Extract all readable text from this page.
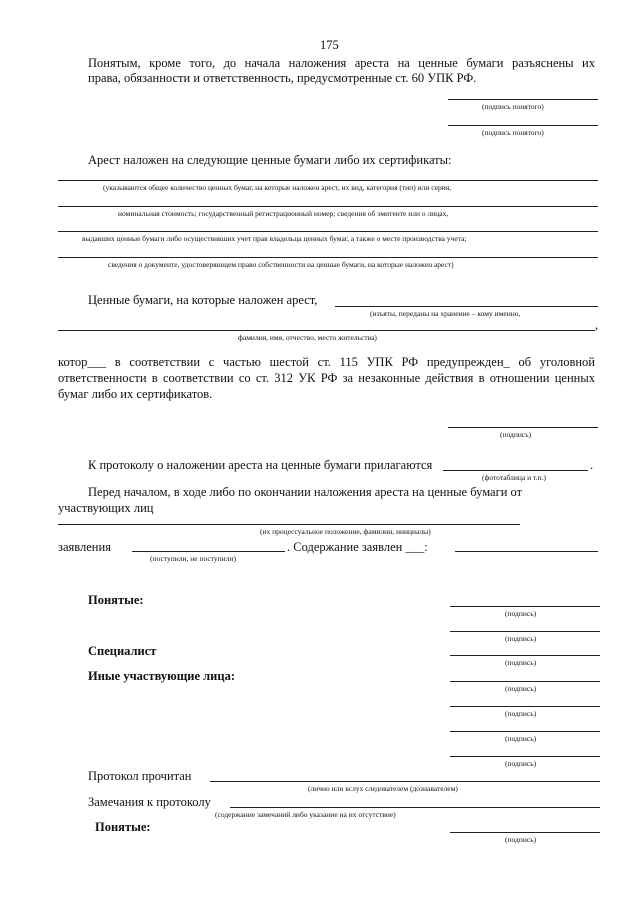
175
Понятым, кроме того, до начала наложения ареста на ценные бумаги разъяснены их
права, обязанности и ответственность, предусмотренные ст. 60 УПК РФ.
(подпись понятого)
(подпись понятого)
Арест наложен на следующие ценные бумаги либо их сертификаты:
(указываются общее количество ценных бумаг, на которые наложен арест, их вид, категория (тип) или серия,
номинальная стоимость; государственный регистрационный номер; сведения об эмитенте или о лицах,
выдавших ценные бумаги либо осуществивших учет прав владельца ценных бумаг, а также о месте производства учета;
сведения о документе, удостоверяющем право собственности на ценные бумаги, на которые наложен арест)
Ценные бумаги, на которые наложен арест,
(изъяты, переданы на хранение – кому именно,
,
фамилия, имя, отчество, место жительства)
котор___ в соответствии с частью шестой ст. 115 УПК РФ предупрежден_ об уголовной
ответственности в соответствии со ст. 312 УК РФ за незаконные действия в отношении ценных
бумаг либо их сертификатов.
(подпись)
К протоколу о наложении ареста на ценные бумаги прилагаются	.
(фототаблица и т.п.)
Перед началом, в ходе либо по окончании наложения ареста на ценные бумаги от
участвующих лиц
(их процессуальное положение, фамилии, инициалы)
заявления	. Содержание заявлен ___:
(поступили, не поступили)
Понятые:
(подпись)
(подпись)
Специалист
(подпись)
Иные участвующие лица:
(подпись)
(подпись)
(подпись)
(подпись)
Протокол прочитан
(лично или вслух следователем (дознавателем)
Замечания к протоколу
(содержание замечаний либо указание на их отсутствие)
Понятые:
(подпись)
